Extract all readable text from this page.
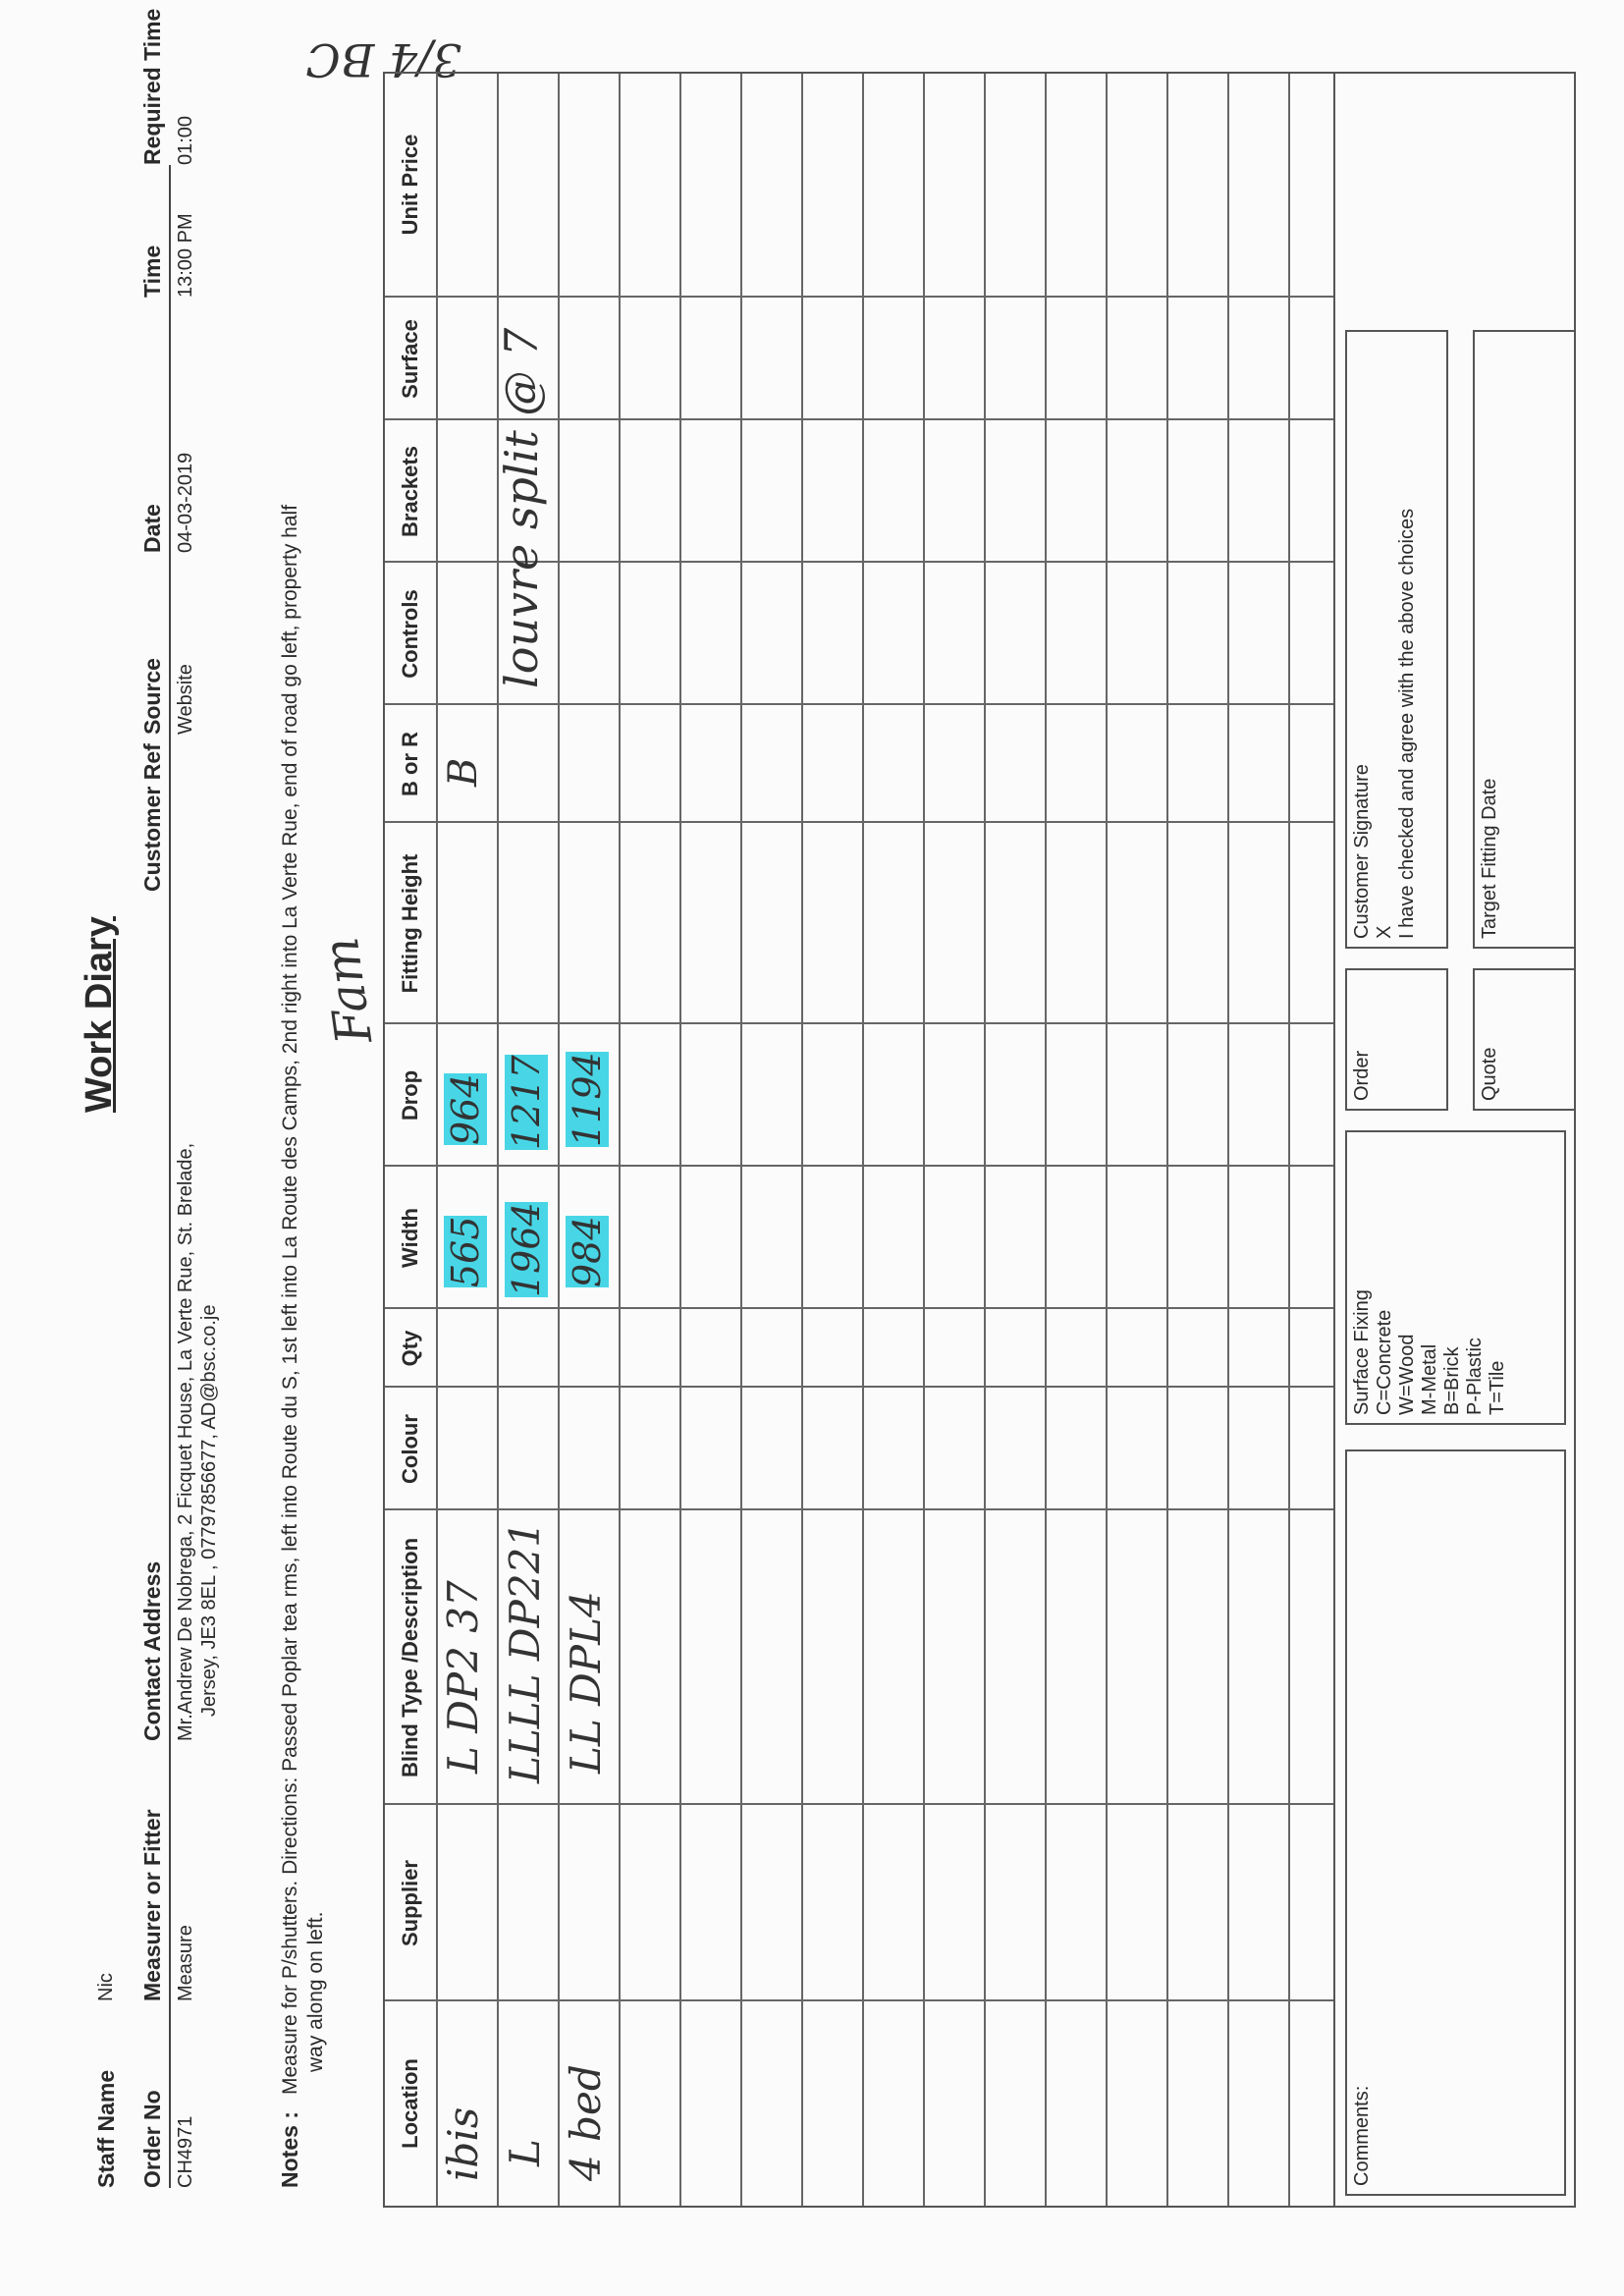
Work Diary
Staff Name
Nic
Order No
Measurer or Fitter
Contact Address
Customer Ref
Source
Date
Time
Required Time
CH4971
Measure
Mr.Andrew De Nobrega, 2 Ficquet House, La Verte Rue, St. Brelade, Jersey, JE3 8EL , 07797856677, AD@bsc.co.je
Website
04-03-2019
13:00 PM
01:00
Notes :
Measure for P/shutters. Directions: Passed Poplar tea rms, left into Route du S, 1st left into La Route des Camps, 2nd right into La Verte Rue, end of road go left, property half way along on left.
Fam
3/4 BC
Location
Supplier
Blind Type /Description
Colour
Qty
Width
Drop
Fitting Height
B or R
Controls
Brackets
Surface
Unit Price
ibis
L DP2 37
565
964
B
L
LLLL DP221
1964
1217
4 bed
LL DPL4
984
1194
louvre split @ 7
Comments:
Surface Fixing C=Concrete W=Wood M-Metal B=Brick P-Plastic T=Tile
Order	Quote
Customer Signature X I have checked and agree with the above choices	Target Fitting Date
